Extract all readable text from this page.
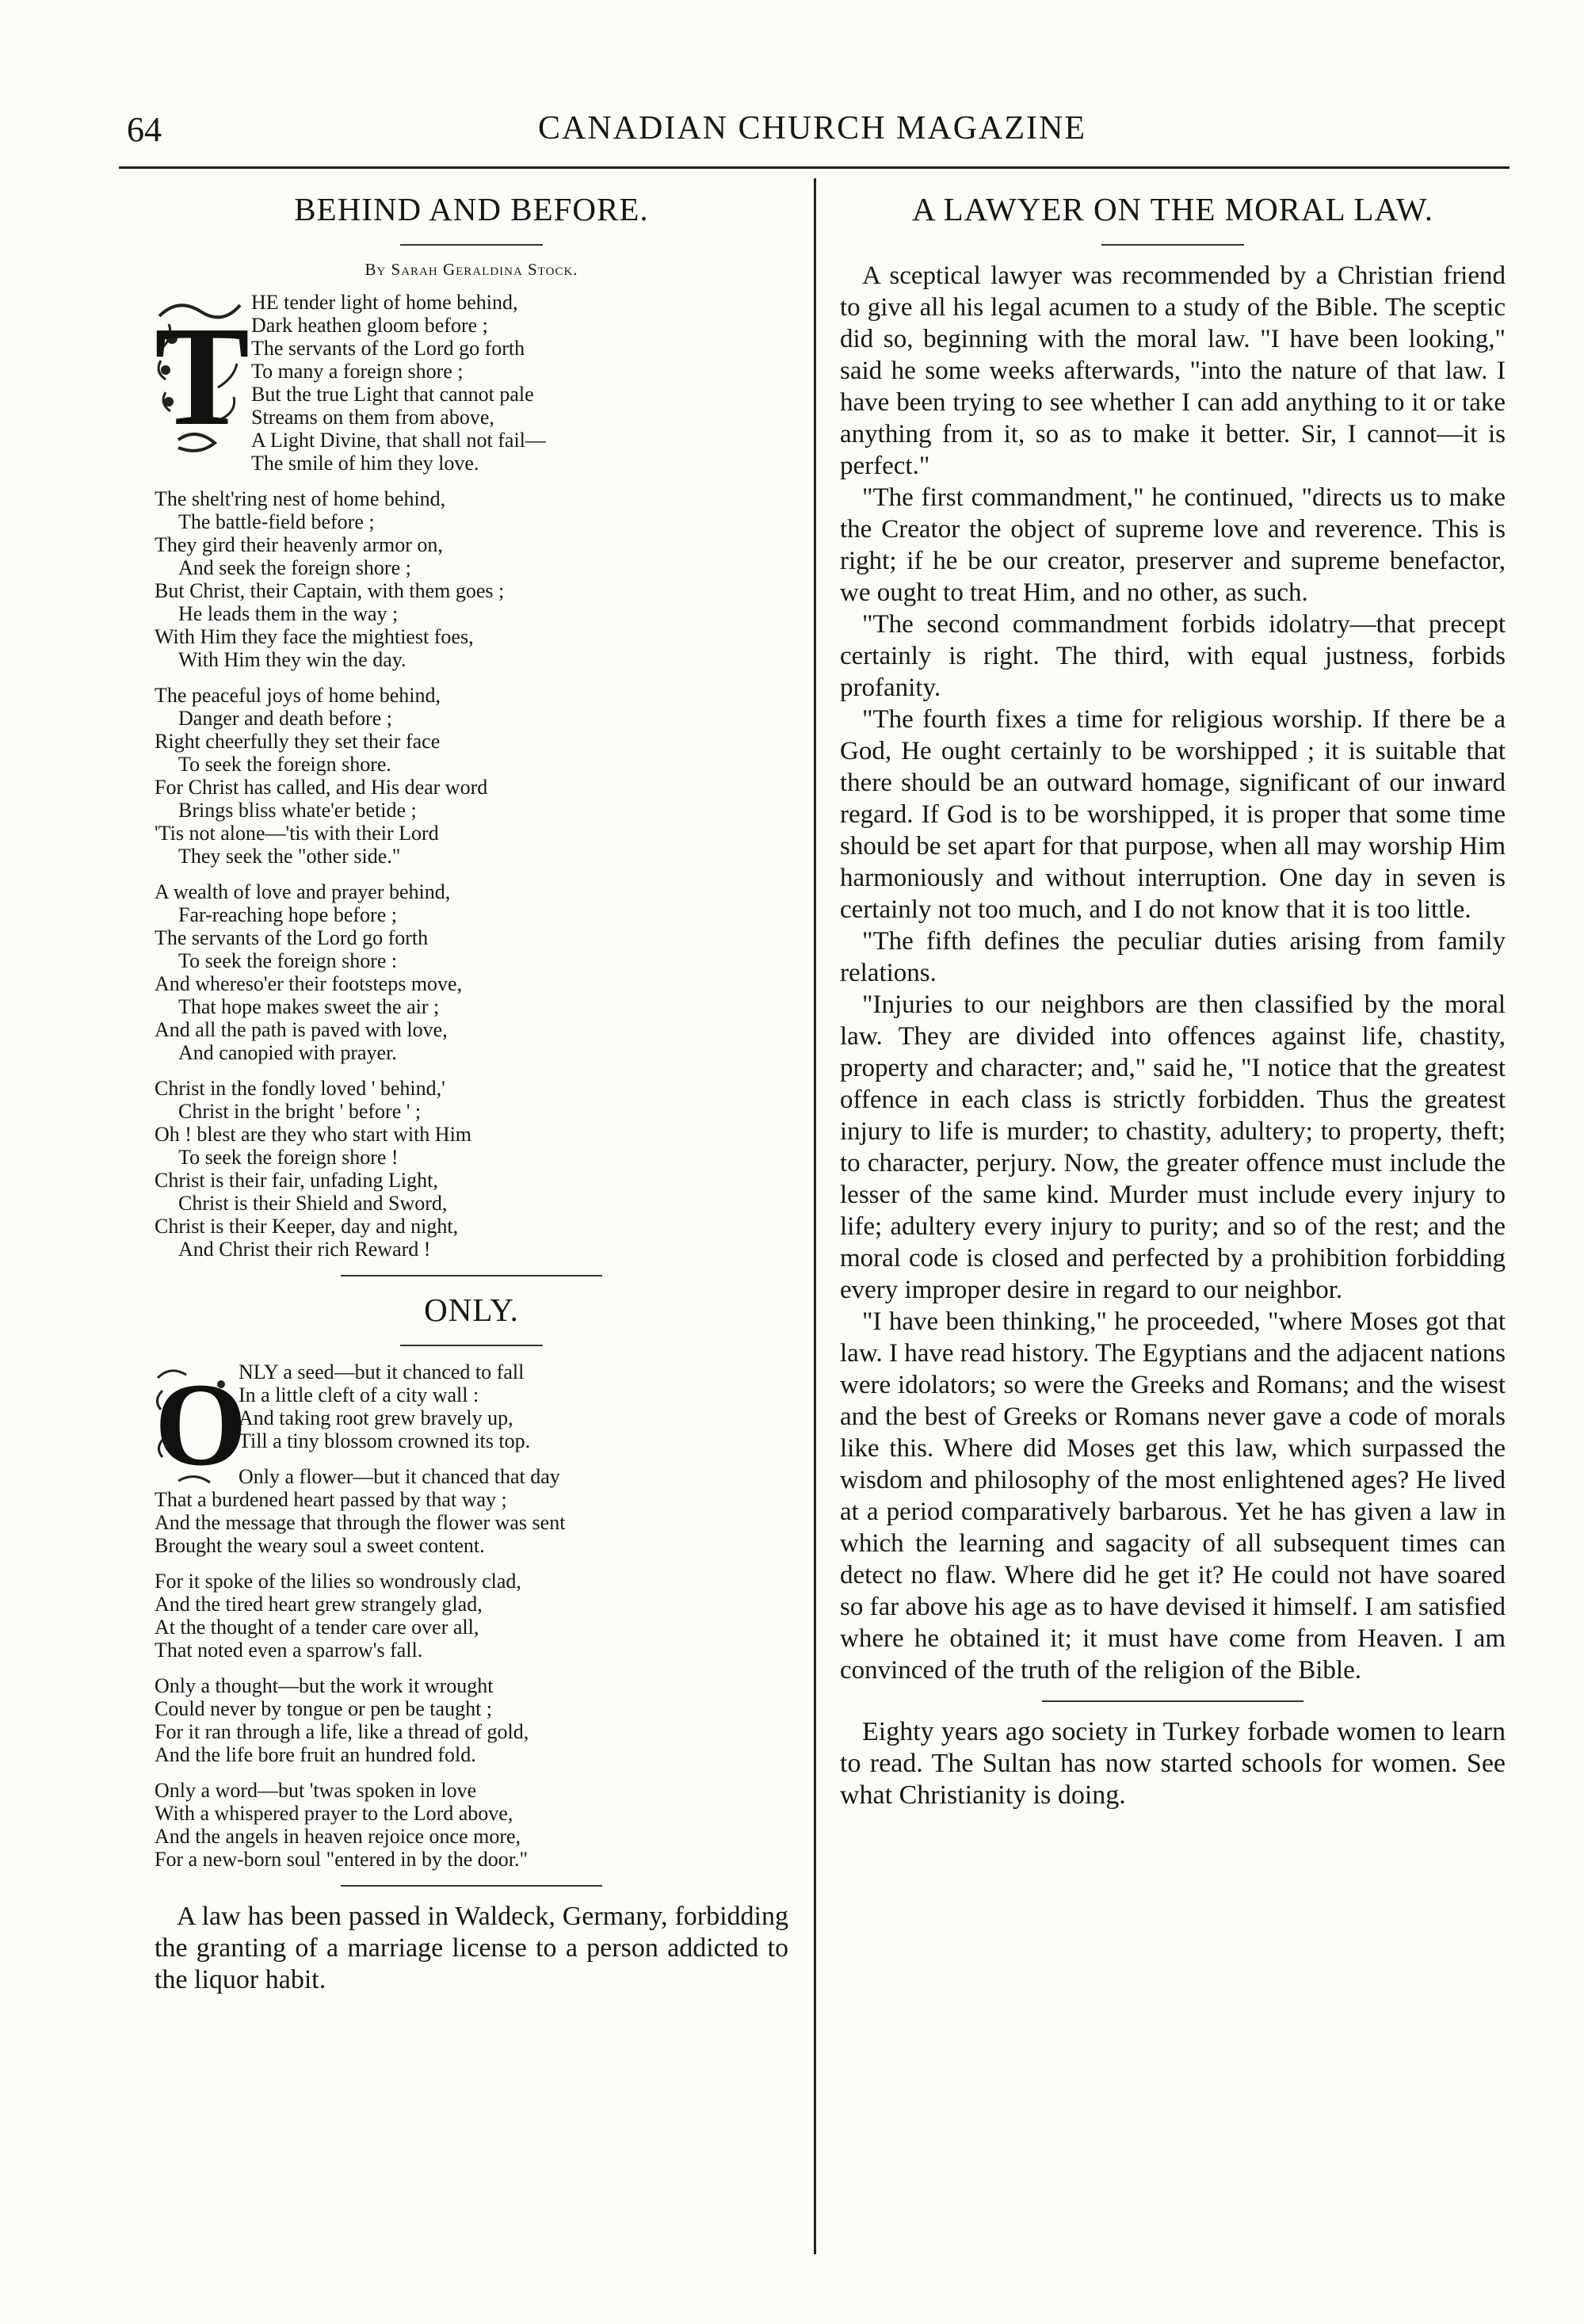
64	CANADIAN CHURCH MAGAZINE
BEHIND AND BEFORE.
By Sarah Geraldina Stock.
T HE tender light of home behind,
Dark heathen gloom before ;
The servants of the Lord go forth
To many a foreign shore ;
But the true Light that cannot pale
Streams on them from above,
A Light Divine, that shall not fail—
The smile of him they love.
The shelt'ring nest of home behind,
The battle-field before ;
They gird their heavenly armor on,
And seek the foreign shore ;
But Christ, their Captain, with them goes ;
He leads them in the way ;
With Him they face the mightiest foes,
With Him they win the day.
The peaceful joys of home behind,
Danger and death before ;
Right cheerfully they set their face
To seek the foreign shore.
For Christ has called, and His dear word
Brings bliss whate'er betide ;
'Tis not alone—'tis with their Lord
They seek the "other side."
A wealth of love and prayer behind,
Far-reaching hope before ;
The servants of the Lord go forth
To seek the foreign shore :
And whereso'er their footsteps move,
That hope makes sweet the air ;
And all the path is paved with love,
And canopied with prayer.
Christ in the fondly loved ' behind,'
Christ in the bright ' before ' ;
Oh ! blest are they who start with Him
To seek the foreign shore !
Christ is their fair, unfading Light,
Christ is their Shield and Sword,
Christ is their Keeper, day and night,
And Christ their rich Reward !
ONLY.
O
NLY a seed—but it chanced to fall
In a little cleft of a city wall :
And taking root grew bravely up,
Till a tiny blossom crowned its top.
Only a flower—but it chanced that day
That a burdened heart passed by that way ;
And the message that through the flower was sent
Brought the weary soul a sweet content.
For it spoke of the lilies so wondrously clad,
And the tired heart grew strangely glad,
At the thought of a tender care over all,
That noted even a sparrow's fall.
Only a thought—but the work it wrought
Could never by tongue or pen be taught ;
For it ran through a life, like a thread of gold,
And the life bore fruit an hundred fold.
Only a word—but 'twas spoken in love
With a whispered prayer to the Lord above,
And the angels in heaven rejoice once more,
For a new-born soul "entered in by the door."

A law has been passed in Waldeck, Germany, forbidding the granting of a marriage license to a person addicted to the liquor habit.

A LAWYER ON THE MORAL LAW.

A sceptical lawyer was recommended by a Christian friend to give all his legal acumen to a study of the Bible. The sceptic did so, beginning with the moral law. "I have been looking," said he some weeks afterwards, "into the nature of that law. I have been trying to see whether I can add anything to it or take anything from it, so as to make it better. Sir, I cannot—it is perfect."

"The first commandment," he continued, "directs us to make the Creator the object of supreme love and reverence. This is right; if he be our creator, preserver and supreme benefactor, we ought to treat Him, and no other, as such.

"The second commandment forbids idolatry—that precept certainly is right. The third, with equal justness, forbids profanity.

"The fourth fixes a time for religious worship. If there be a God, He ought certainly to be worshipped ; it is suitable that there should be an outward homage, significant of our inward regard. If God is to be worshipped, it is proper that some time should be set apart for that purpose, when all may worship Him harmoniously and without interruption. One day in seven is certainly not too much, and I do not know that it is too little.

"The fifth defines the peculiar duties arising from family relations.

"Injuries to our neighbors are then classified by the moral law. They are divided into offences against life, chastity, property and character; and," said he, "I notice that the greatest offence in each class is strictly forbidden. Thus the greatest injury to life is murder; to chastity, adultery; to property, theft; to character, perjury. Now, the greater offence must include the lesser of the same kind. Murder must include every injury to life; adultery every injury to purity; and so of the rest; and the moral code is closed and perfected by a prohibition forbidding every improper desire in regard to our neighbor.

"I have been thinking," he proceeded, "where Moses got that law. I have read history. The Egyptians and the adjacent nations were idolators; so were the Greeks and Romans; and the wisest and the best of Greeks or Romans never gave a code of morals like this. Where did Moses get this law, which surpassed the wisdom and philosophy of the most enlightened ages? He lived at a period comparatively barbarous. Yet he has given a law in which the learning and sagacity of all subsequent times can detect no flaw. Where did he get it? He could not have soared so far above his age as to have devised it himself. I am satisfied where he obtained it; it must have come from Heaven. I am convinced of the truth of the religion of the Bible.

Eighty years ago society in Turkey forbade women to learn to read. The Sultan has now started schools for women. See what Christianity is doing.
